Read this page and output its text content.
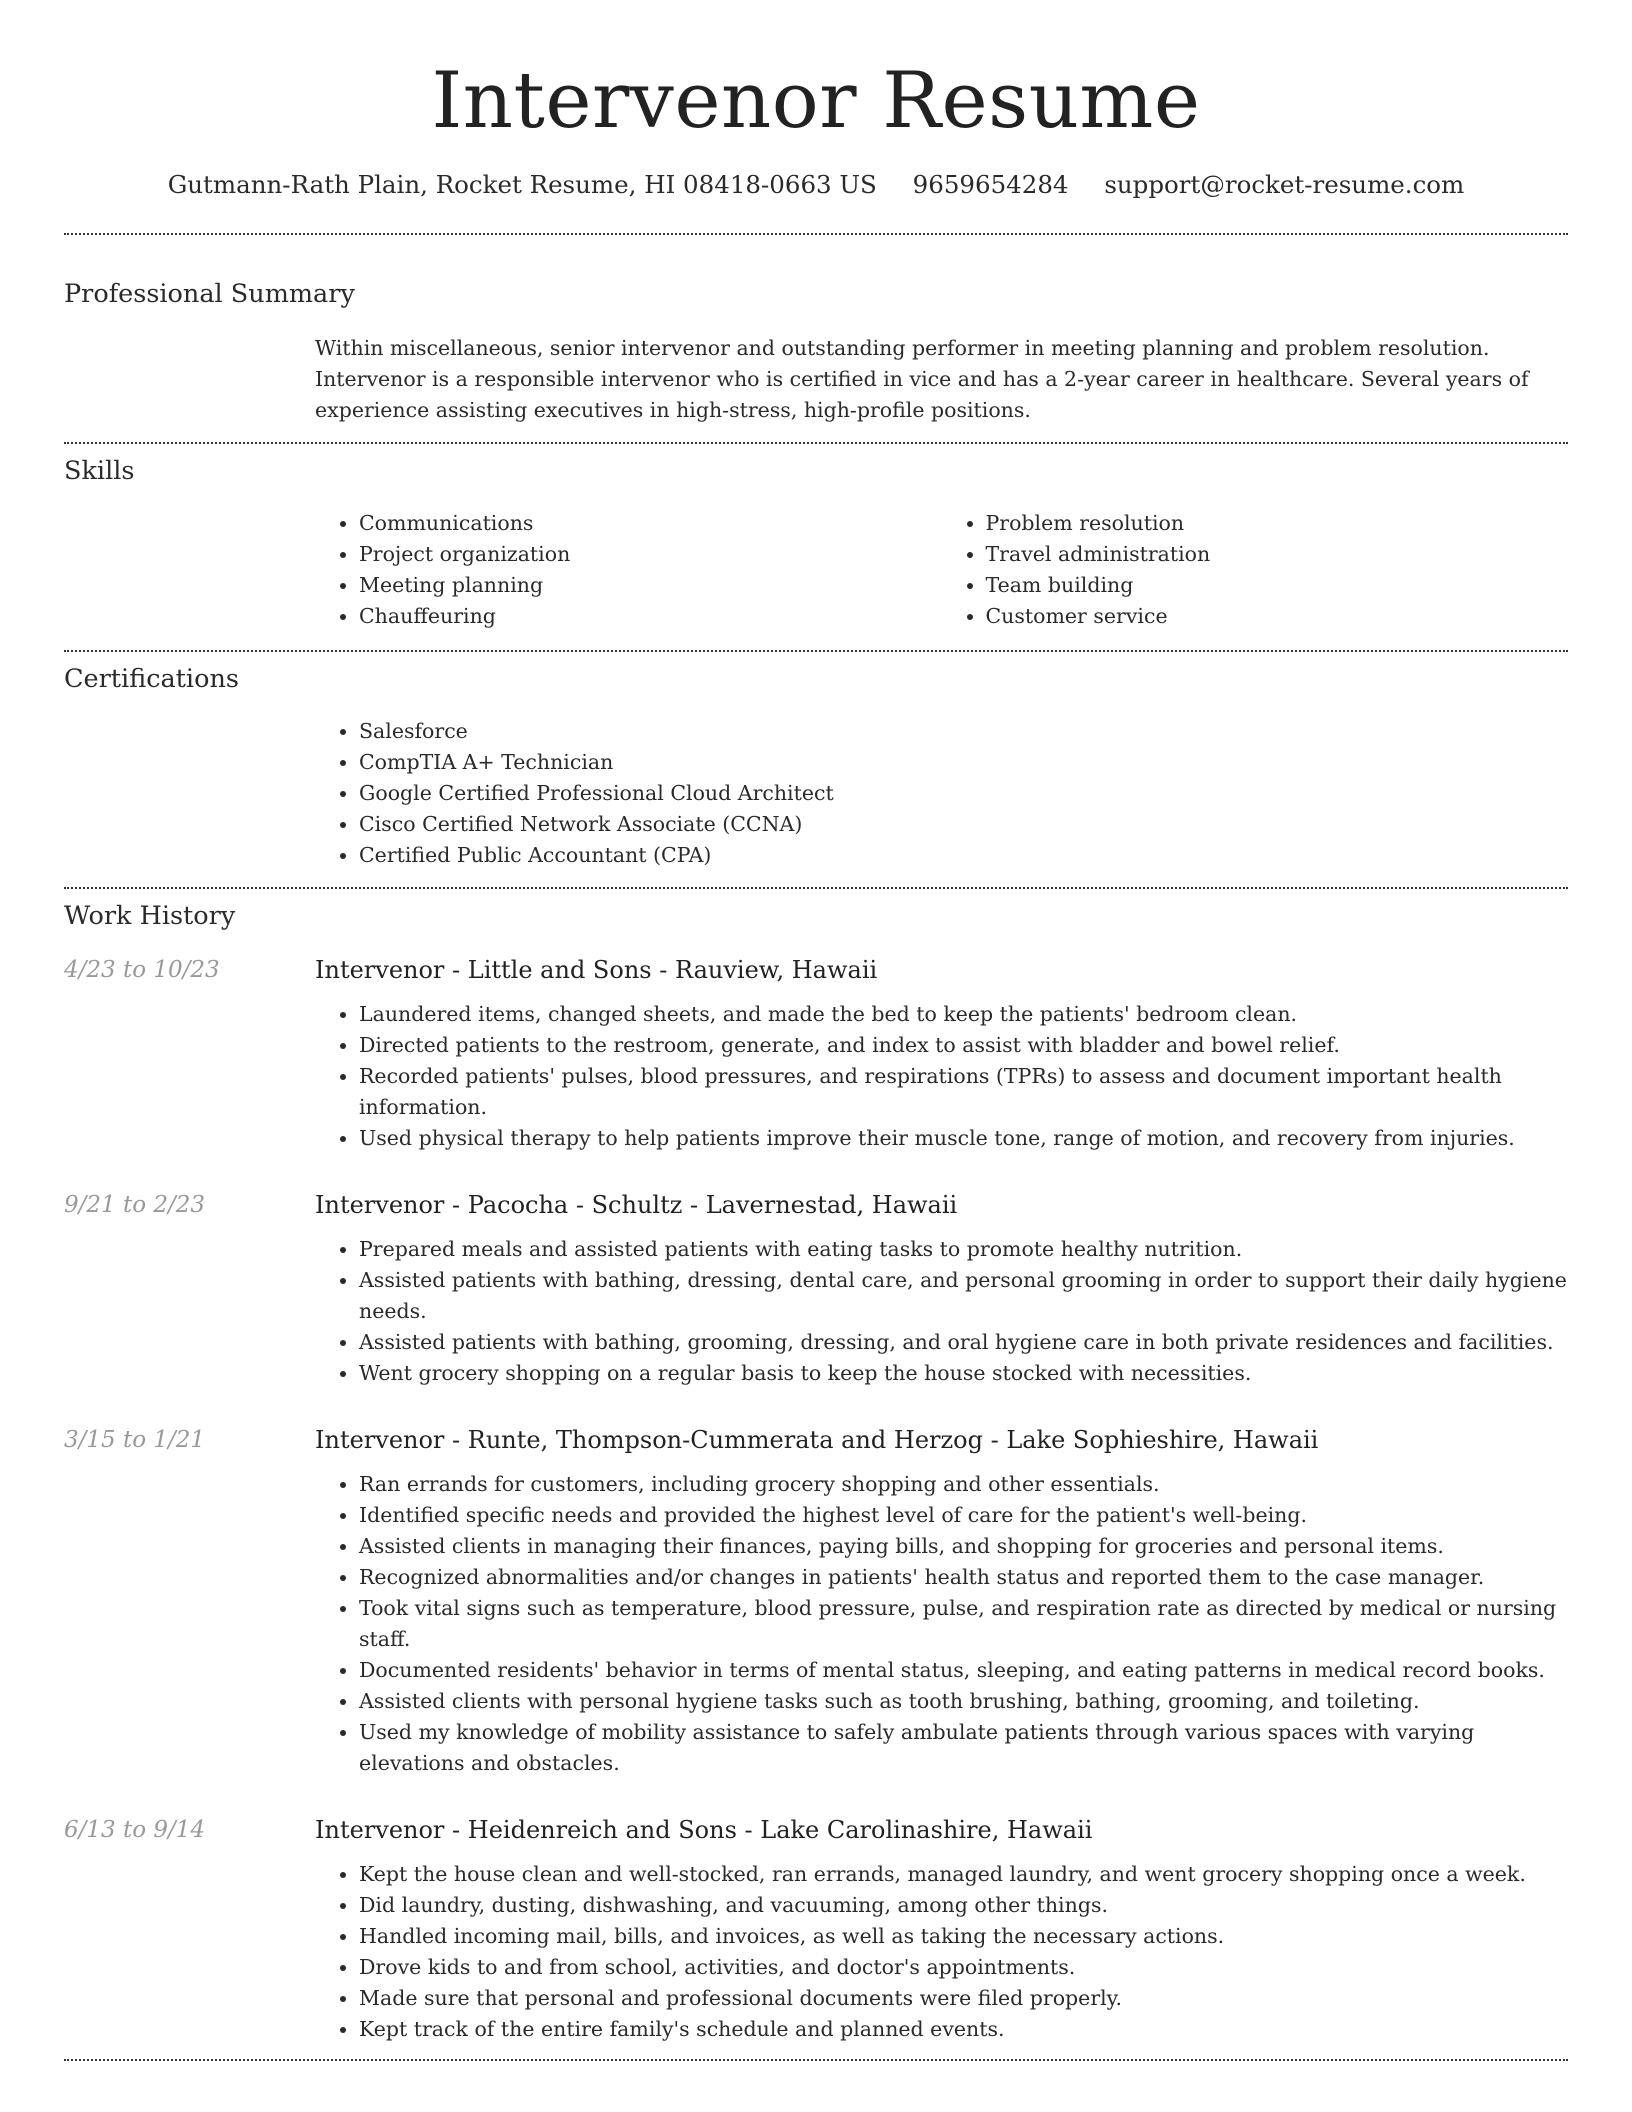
Intervenor Resume
Gutmann-Rath Plain, Rocket Resume, HI 08418-0663 US 9659654284 support@rocket-resume.com
Professional Summary

Within miscellaneous, senior intervenor and outstanding performer in meeting planning and problem resolution. Intervenor is a responsible intervenor who is certified in vice and has a 2-year career in healthcare. Several years of experience assisting executives in high-stress, high-profile positions.

Skills
• Communications
• Project organization
• Meeting planning
• Chauffeuring
• Problem resolution
• Travel administration
• Team building
• Customer service
Certifications
• Salesforce
• CompTIA A+ Technician
• Google Certified Professional Cloud Architect
• Cisco Certified Network Associate (CCNA)
• Certified Public Accountant (CPA)
Work History
4/23 to 10/23	Intervenor - Little and Sons - Rauview, Hawaii
• Laundered items, changed sheets, and made the bed to keep the patients' bedroom clean.
• Directed patients to the restroom, generate, and index to assist with bladder and bowel relief.
• Recorded patients' pulses, blood pressures, and respirations (TPRs) to assess and document important health information.
• Used physical therapy to help patients improve their muscle tone, range of motion, and recovery from injuries.
9/21 to 2/23	Intervenor - Pacocha - Schultz - Lavernestad, Hawaii
• Prepared meals and assisted patients with eating tasks to promote healthy nutrition.
• Assisted patients with bathing, dressing, dental care, and personal grooming in order to support their daily hygiene needs.
• Assisted patients with bathing, grooming, dressing, and oral hygiene care in both private residences and facilities.
• Went grocery shopping on a regular basis to keep the house stocked with necessities.
3/15 to 1/21	Intervenor - Runte, Thompson-Cummerata and Herzog - Lake Sophieshire, Hawaii
• Ran errands for customers, including grocery shopping and other essentials.
• Identified specific needs and provided the highest level of care for the patient's well-being.
• Assisted clients in managing their finances, paying bills, and shopping for groceries and personal items.
• Recognized abnormalities and/or changes in patients' health status and reported them to the case manager.
• Took vital signs such as temperature, blood pressure, pulse, and respiration rate as directed by medical or nursing staff.
• Documented residents' behavior in terms of mental status, sleeping, and eating patterns in medical record books.
• Assisted clients with personal hygiene tasks such as tooth brushing, bathing, grooming, and toileting.
• Used my knowledge of mobility assistance to safely ambulate patients through various spaces with varying elevations and obstacles.
6/13 to 9/14	Intervenor - Heidenreich and Sons - Lake Carolinashire, Hawaii
• Kept the house clean and well-stocked, ran errands, managed laundry, and went grocery shopping once a week.
• Did laundry, dusting, dishwashing, and vacuuming, among other things.
• Handled incoming mail, bills, and invoices, as well as taking the necessary actions.
• Drove kids to and from school, activities, and doctor's appointments.
• Made sure that personal and professional documents were filed properly.
• Kept track of the entire family's schedule and planned events.
